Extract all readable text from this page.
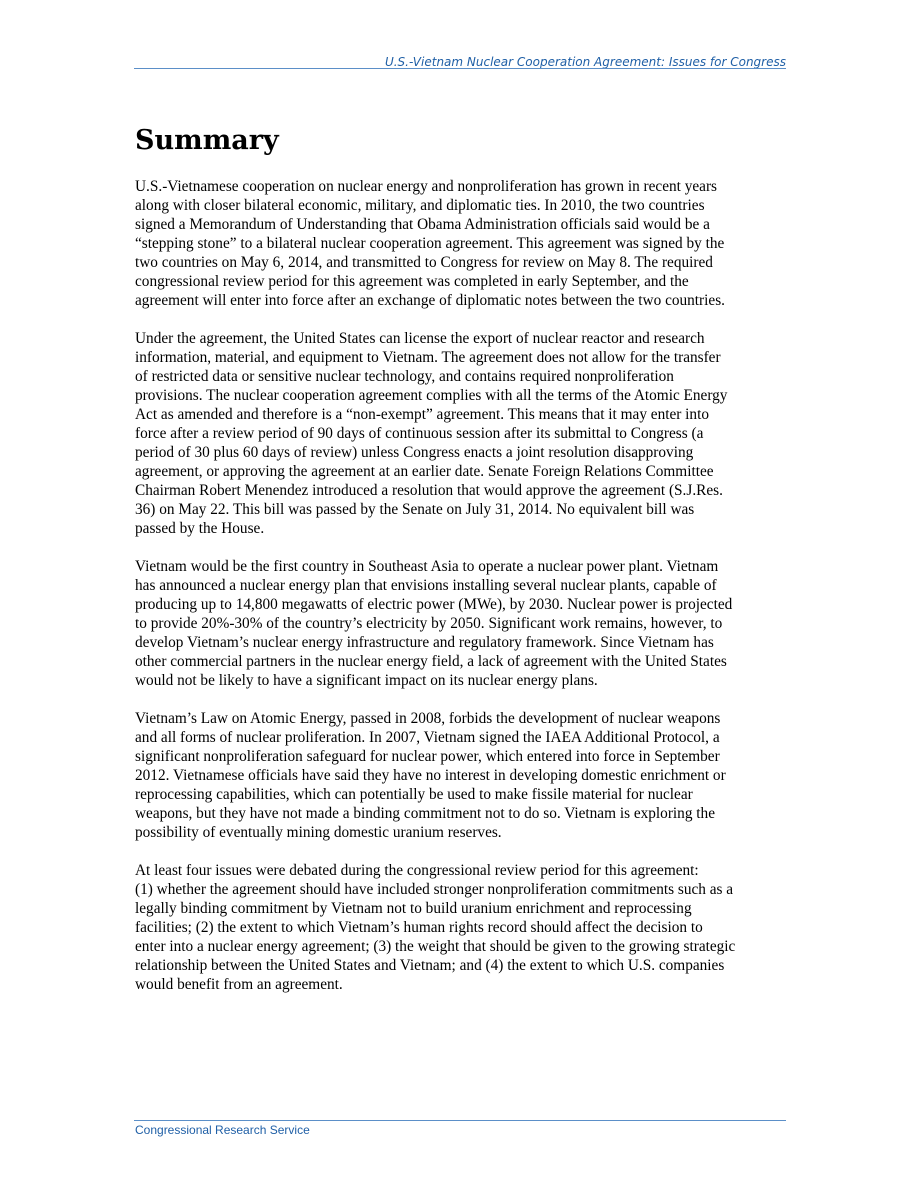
U.S.-Vietnam Nuclear Cooperation Agreement: Issues for Congress
Summary

U.S.-Vietnamese cooperation on nuclear energy and nonproliferation has grown in recent years
along with closer bilateral economic, military, and diplomatic ties. In 2010, the two countries
signed a Memorandum of Understanding that Obama Administration officials said would be a
“stepping stone” to a bilateral nuclear cooperation agreement. This agreement was signed by the
two countries on May 6, 2014, and transmitted to Congress for review on May 8. The required
congressional review period for this agreement was completed in early September, and the
agreement will enter into force after an exchange of diplomatic notes between the two countries.

Under the agreement, the United States can license the export of nuclear reactor and research
information, material, and equipment to Vietnam. The agreement does not allow for the transfer
of restricted data or sensitive nuclear technology, and contains required nonproliferation
provisions. The nuclear cooperation agreement complies with all the terms of the Atomic Energy
Act as amended and therefore is a “non-exempt” agreement. This means that it may enter into
force after a review period of 90 days of continuous session after its submittal to Congress (a
period of 30 plus 60 days of review) unless Congress enacts a joint resolution disapproving
agreement, or approving the agreement at an earlier date. Senate Foreign Relations Committee
Chairman Robert Menendez introduced a resolution that would approve the agreement (S.J.Res.
36) on May 22. This bill was passed by the Senate on July 31, 2014. No equivalent bill was
passed by the House.

Vietnam would be the first country in Southeast Asia to operate a nuclear power plant. Vietnam
has announced a nuclear energy plan that envisions installing several nuclear plants, capable of
producing up to 14,800 megawatts of electric power (MWe), by 2030. Nuclear power is projected
to provide 20%-30% of the country’s electricity by 2050. Significant work remains, however, to
develop Vietnam’s nuclear energy infrastructure and regulatory framework. Since Vietnam has
other commercial partners in the nuclear energy field, a lack of agreement with the United States
would not be likely to have a significant impact on its nuclear energy plans.

Vietnam’s Law on Atomic Energy, passed in 2008, forbids the development of nuclear weapons
and all forms of nuclear proliferation. In 2007, Vietnam signed the IAEA Additional Protocol, a
significant nonproliferation safeguard for nuclear power, which entered into force in September
2012. Vietnamese officials have said they have no interest in developing domestic enrichment or
reprocessing capabilities, which can potentially be used to make fissile material for nuclear
weapons, but they have not made a binding commitment not to do so. Vietnam is exploring the
possibility of eventually mining domestic uranium reserves.

At least four issues were debated during the congressional review period for this agreement:
(1) whether the agreement should have included stronger nonproliferation commitments such as a
legally binding commitment by Vietnam not to build uranium enrichment and reprocessing
facilities; (2) the extent to which Vietnam’s human rights record should affect the decision to
enter into a nuclear energy agreement; (3) the weight that should be given to the growing strategic
relationship between the United States and Vietnam; and (4) the extent to which U.S. companies
would benefit from an agreement.

Congressional Research Service
